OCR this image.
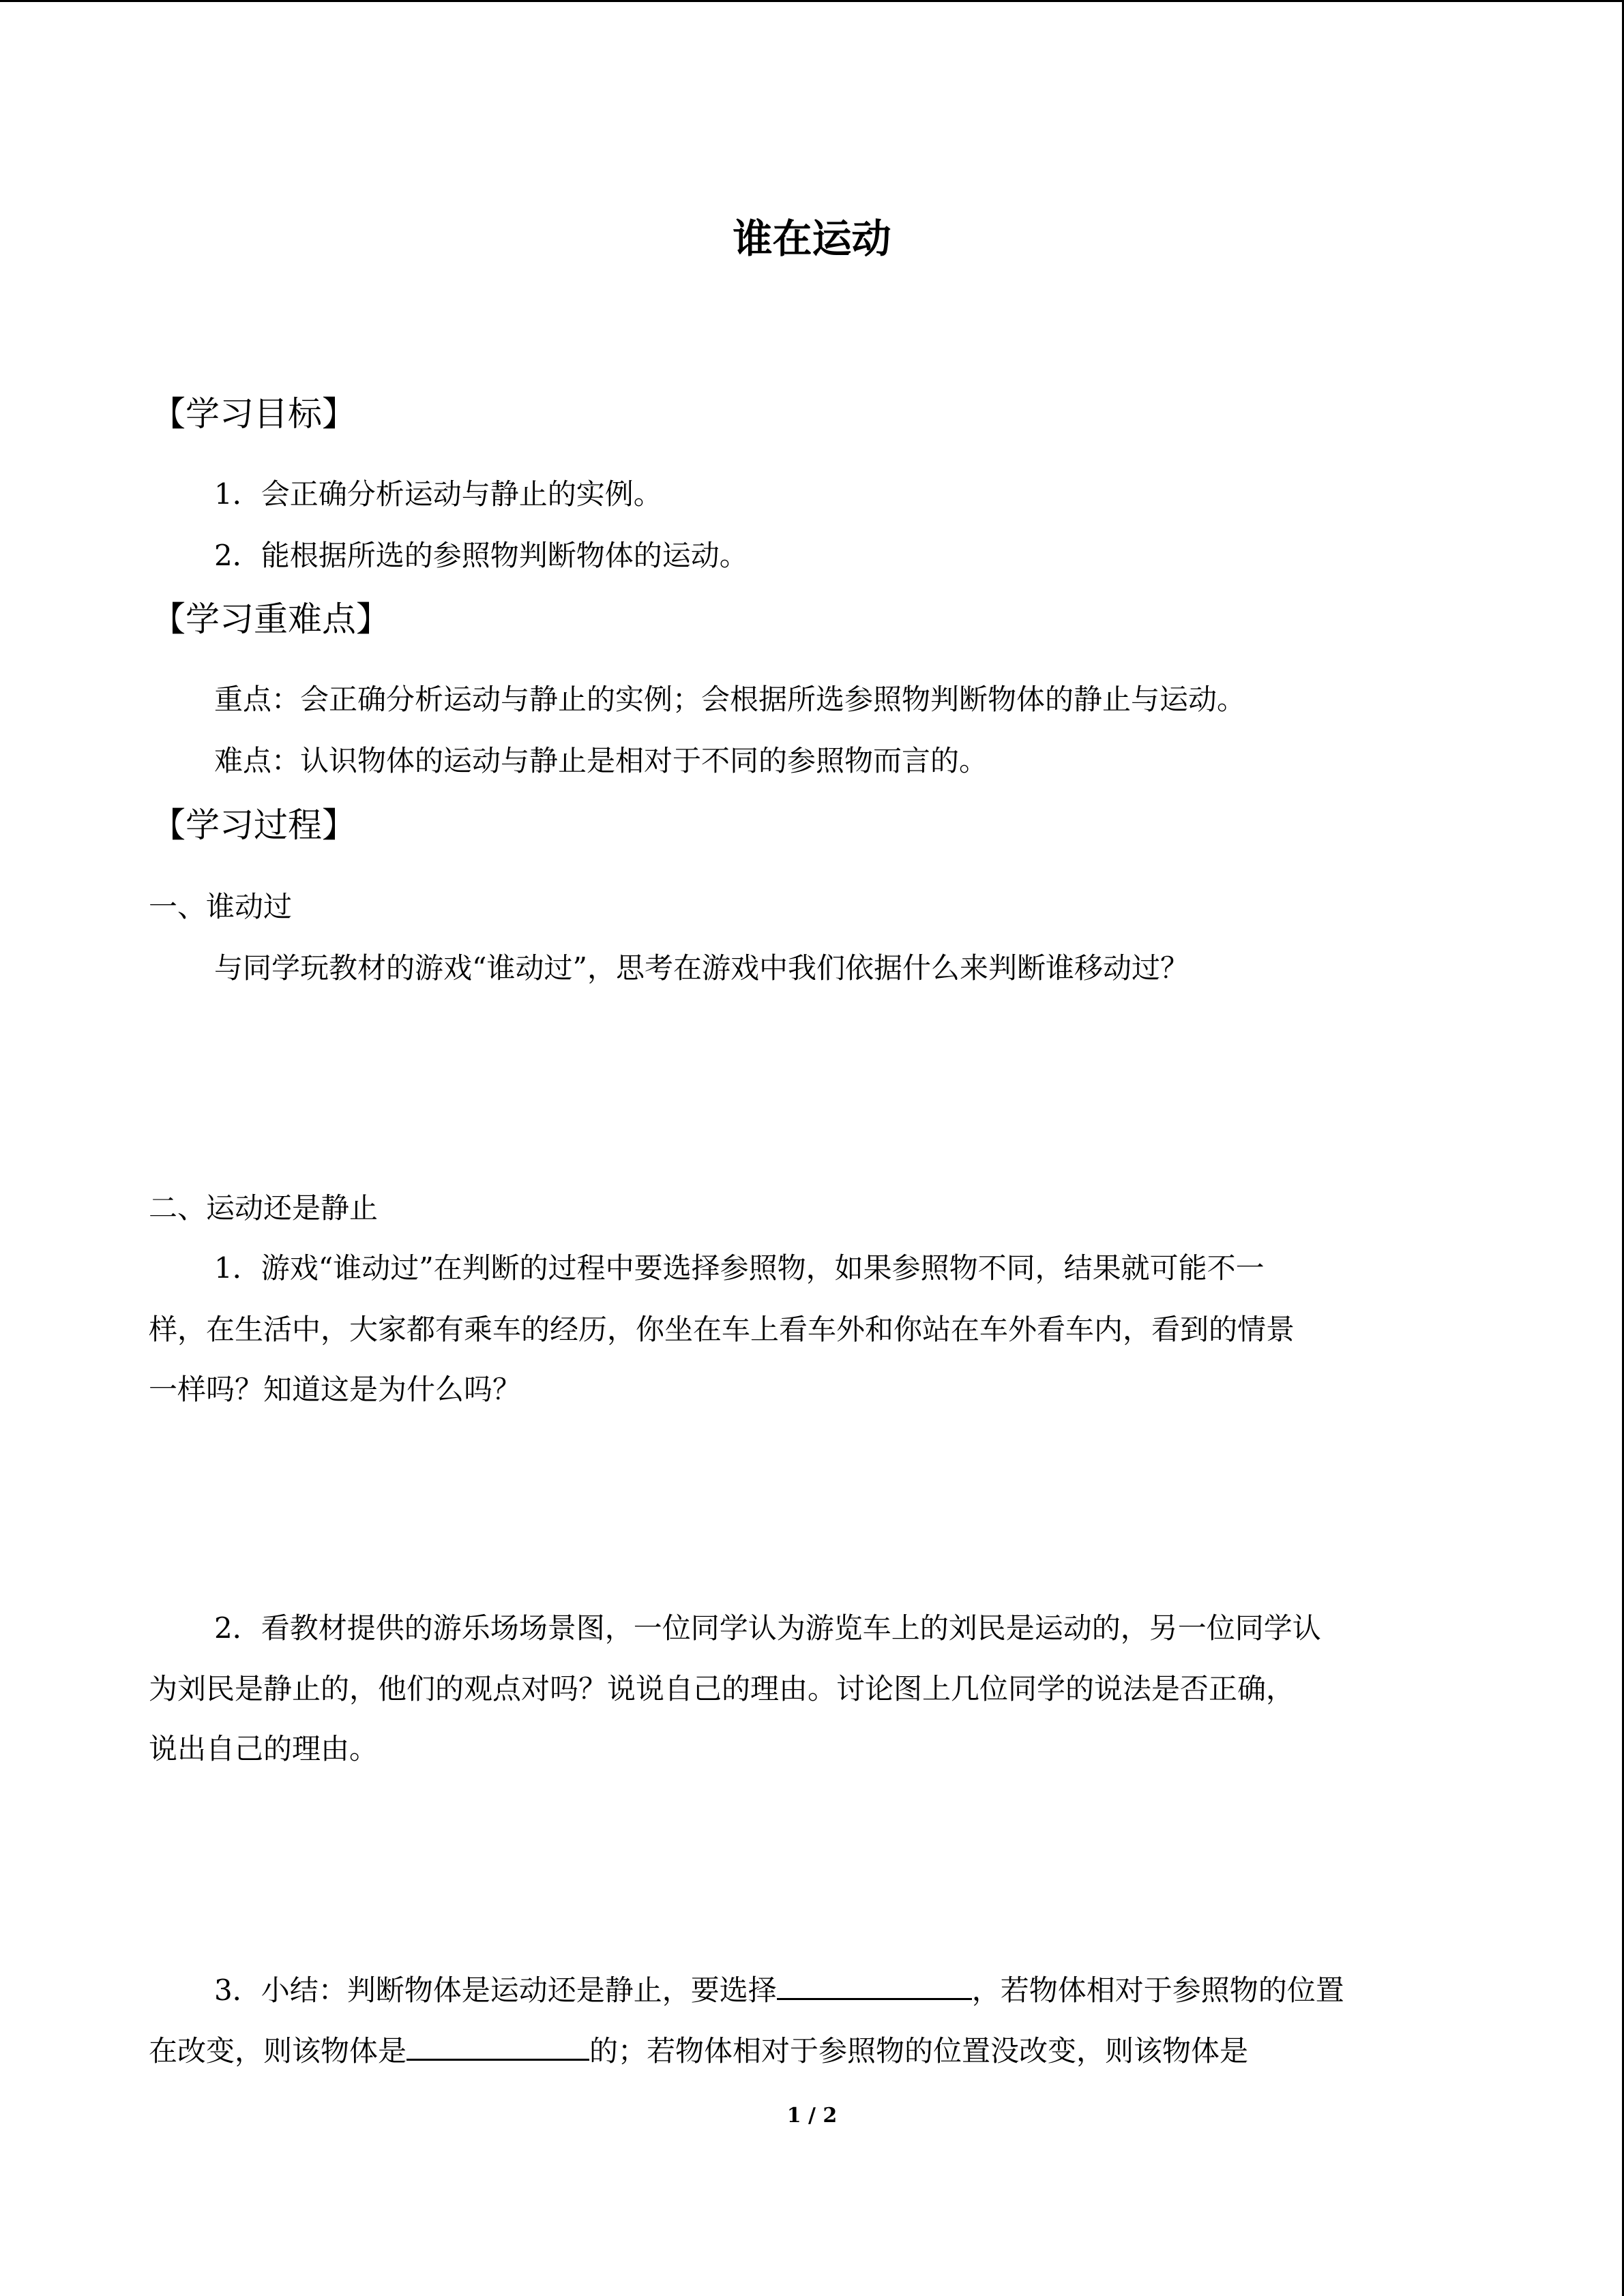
谁在运动
【学习目标】
1．会正确分析运动与静止的实例。
2．能根据所选的参照物判断物体的运动。
【学习重难点】
重点：会正确分析运动与静止的实例；会根据所选参照物判断物体的静止与运动。
难点：认识物体的运动与静止是相对于不同的参照物而言的。
【学习过程】
一、谁动过
与同学玩教材的游戏“谁动过”，思考在游戏中我们依据什么来判断谁移动过？
二、运动还是静止
1．游戏“谁动过”在判断的过程中要选择参照物，如果参照物不同，结果就可能不一
样，在生活中，大家都有乘车的经历，你坐在车上看车外和你站在车外看车内，看到的情景
一样吗？知道这是为什么吗？
2．看教材提供的游乐场场景图，一位同学认为游览车上的刘民是运动的，另一位同学认
为刘民是静止的，他们的观点对吗？说说自己的理由。讨论图上几位同学的说法是否正确，
说出自己的理由。
3．小结：判断物体是运动还是静止，要选择	，若物体相对于参照物的位置
在改变，则该物体是	的；若物体相对于参照物的位置没改变，则该物体是
1 / 2
